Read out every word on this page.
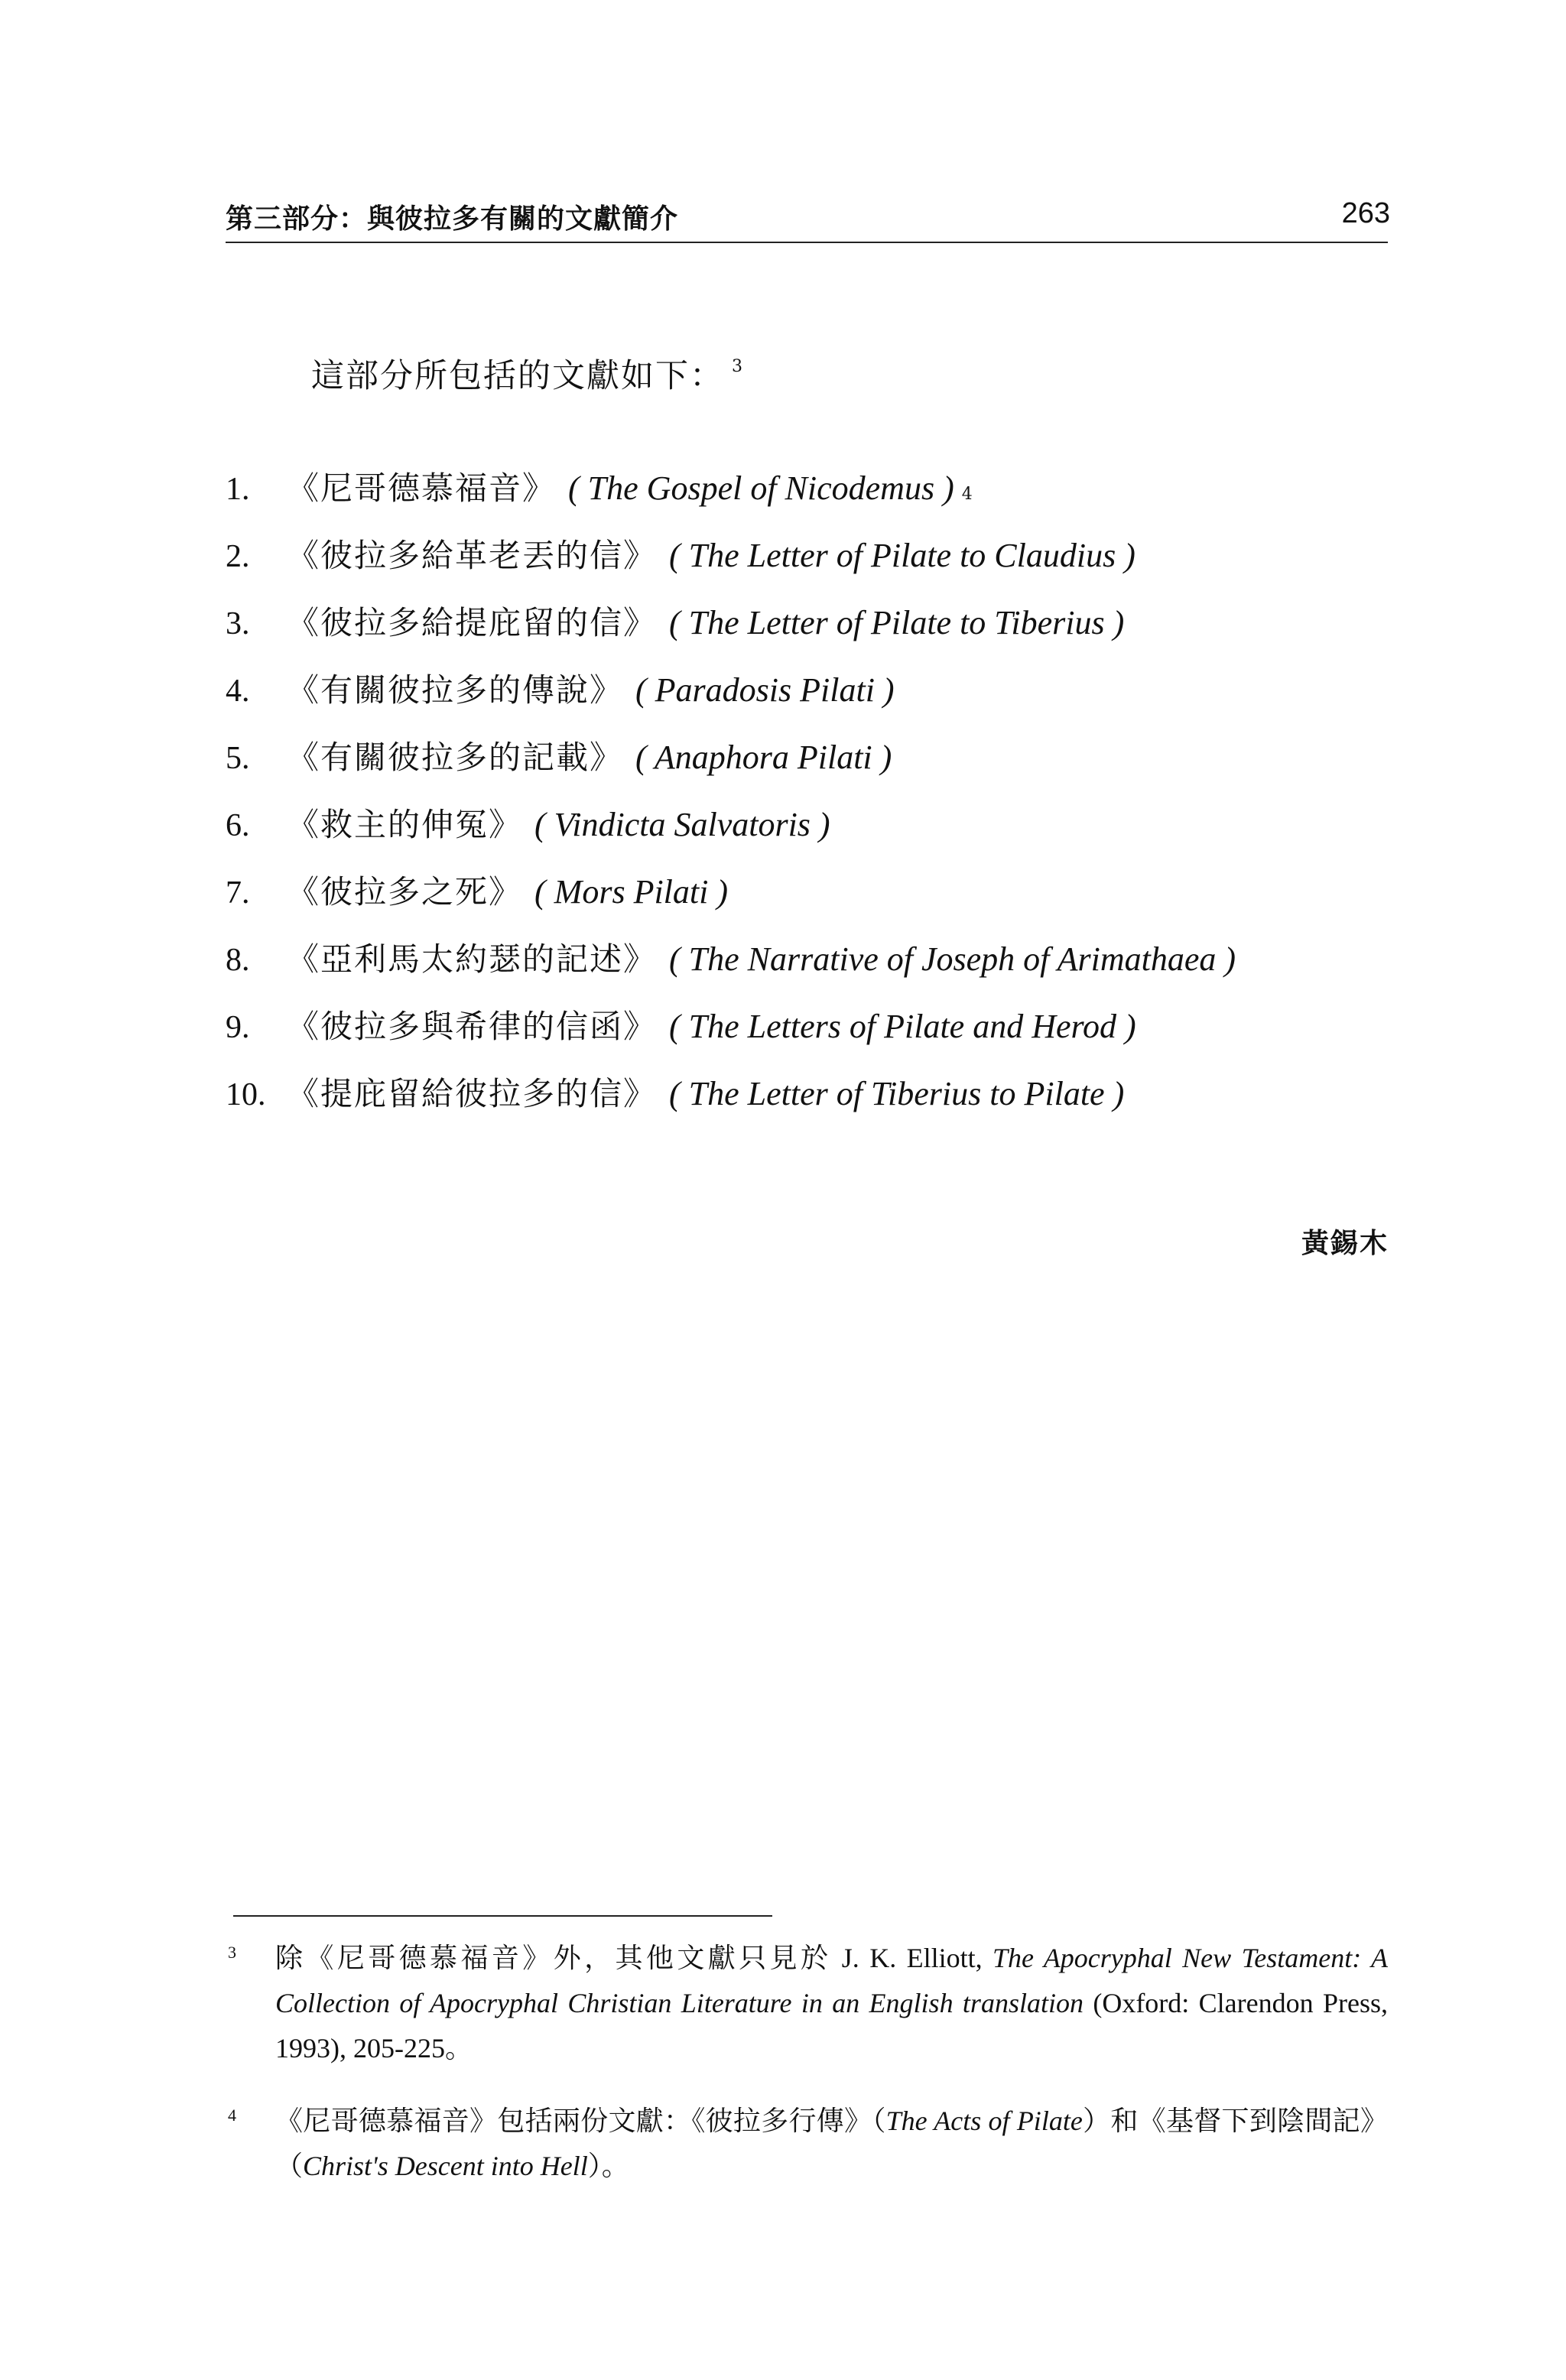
第三部分：與彼拉多有關的文獻簡介	263
這部分所包括的文獻如下： $^3$
1.	《尼哥德慕福音》 ( The Gospel of Nicodemus ) 4
2.	《彼拉多給革老丟的信》 ( The Letter of Pilate to Claudius )
3.	《彼拉多給提庇留的信》 ( The Letter of Pilate to Tiberius )
4.	《有關彼拉多的傳說》 ( Paradosis Pilati )
5.	《有關彼拉多的記載》 ( Anaphora Pilati )
6.	《救主的伸冤》 ( Vindicta Salvatoris )
7.	《彼拉多之死》 ( Mors Pilati )
8.	《亞利馬太約瑟的記述》 ( The Narrative of Joseph of Arimathaea )
9.	《彼拉多與希律的信函》 ( The Letters of Pilate and Herod )
10. 《提庇留給彼拉多的信》 ( The Letter of Tiberius to Pilate )
黃錫木
3 除《尼哥德慕福音》外，其他文獻只見於 J. K. Elliott, The Apocryphal New Testament: A Collection of Apocryphal Christian Literature in an English translation (Oxford: Clarendon Press, 1993), 205-225。
4 《尼哥德慕福音》包括兩份文獻：《彼拉多行傳》（The Acts of Pilate）和《基督下到陰間記》（Christ's Descent into Hell）。
